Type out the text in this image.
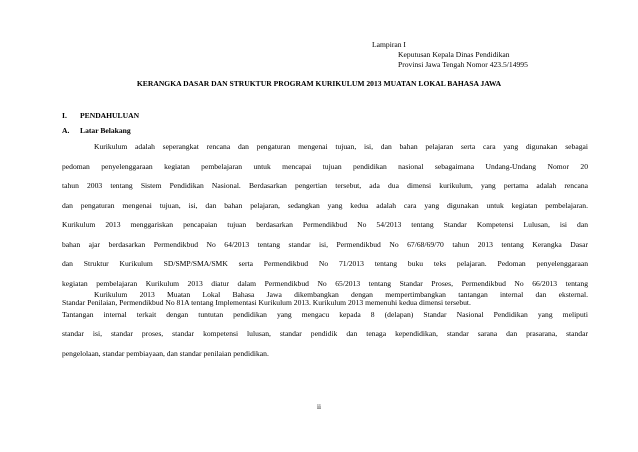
Lampiran I
Keputusan Kepala Dinas Pendidikan
Provinsi Jawa Tengah Nomor 423.5/14995
KERANGKA DASAR DAN STRUKTUR PROGRAM KURIKULUM 2013 MUATAN LOKAL BAHASA JAWA
I. PENDAHULUAN
A. Latar Belakang
Kurikulum adalah seperangkat rencana dan pengaturan mengenai tujuan, isi, dan bahan pelajaran serta cara yang digunakan sebagai
pedoman penyelenggaraan kegiatan pembelajaran untuk mencapai tujuan pendidikan nasional sebagaimana Undang-Undang Nomor 20
tahun 2003 tentang Sistem Pendidikan Nasional. Berdasarkan pengertian tersebut, ada dua dimensi kurikulum, yang pertama adalah rencana
dan pengaturan mengenai tujuan, isi, dan bahan pelajaran, sedangkan yang kedua adalah cara yang digunakan untuk kegiatan pembelajaran.
Kurikulum 2013 menggariskan pencapaian tujuan berdasarkan Permendikbud No 54/2013 tentang Standar Kompetensi Lulusan, isi dan
bahan ajar berdasarkan Permendikbud No 64/2013 tentang standar isi, Permendikbud No 67/68/69/70 tahun 2013 tentang Kerangka Dasar
dan Struktur Kurikulum SD/SMP/SMA/SMK serta Permendikbud No 71/2013 tentang buku teks pelajaran. Pedoman penyelenggaraan
kegiatan pembelajaran Kurikulum 2013 diatur dalam Permendikbud No 65/2013 tentang Standar Proses, Permendikbud No 66/2013 tentang
Standar Penilaian, Permendikbud No 81A tentang Implementasi Kurikulum 2013. Kurikulum 2013 memenuhi kedua dimensi tersebut.
Kurikulum 2013 Muatan Lokal Bahasa Jawa dikembangkan dengan mempertimbangkan tantangan internal dan eksternal.
Tantangan internal terkait dengan tuntutan pendidikan yang mengacu kepada 8 (delapan) Standar Nasional Pendidikan yang meliputi
standar isi, standar proses, standar kompetensi lulusan, standar pendidik dan tenaga kependidikan, standar sarana dan prasarana, standar
pengelolaan, standar pembiayaan, dan standar penilaian pendidikan.
ii
